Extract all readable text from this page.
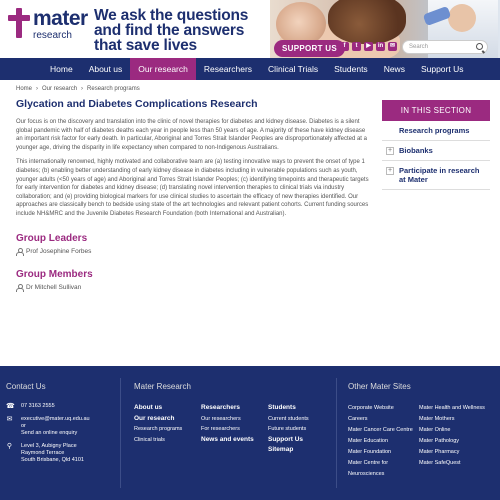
mater
research
We ask the questions
and find the answers
that save lives	SUPPORT US	f	t	▶	in	✉	Search
Home	About us	Our research	Researchers	Clinical Trials	Students	News	Support Us
Home › Our research › Research programs
Glycation and Diabetes Complications Research

Our focus is on the discovery and translation into the clinic of novel therapies for diabetes and kidney disease. Diabetes is a silent global pandemic with half of diabetes deaths each year in people less than 50 years of age. A majority of these have kidney disease an important risk factor for early death. In particular, Aboriginal and Torres Strait Islander Peoples are disproportionately affected at a younger age, driving the disparity in life expectancy when compared to non-Indigenous Australians.

This internationally renowned, highly motivated and collaborative team are (a) testing innovative ways to prevent the onset of type 1 diabetes; (b) enabling better understanding of early kidney disease in diabetes including in vulnerable populations such as youth, younger adults (<50 years of age) and Aboriginal and Torres Strait Islander Peoples; (c) identifying timepoints and therapeutic targets for early intervention for diabetes and kidney disease; (d) translating novel intervention therapies to clinical trials via industry collaboration; and (e) providing biological markers for use clinical studies to ascertain the efficacy of new therapies identified. Our approaches are classically bench to bedside using state of the art technologies and relevant patient cohorts. Current funding sources include NH&MRC and the Juvenile Diabetes Research Foundation (both International and Australian).

Group Leaders
Prof Josephine Forbes
Group Members
Dr Mitchell Sullivan
IN THIS SECTION
Research programs
+ Biobanks
+ Participate in research at Mater
Contact Us
☎ 07 3163 2555
✉ executive@mater.uq.edu.au
or
Send an online enquiry
⚲ Level 3, Aubigny Place
Raymond Terrace
South Brisbane, Qld 4101
Mater Research
About us
Our research
Research programs
Clinical trials
Researchers
Our researchers
For researchers
News and events
Students
Current students
Future students
Support Us
Sitemap
Other Mater Sites
Corporate Website
Careers
Mater Cancer Care Centre
Mater Education
Mater Foundation
Mater Centre for
Neurosciences
Mater Health and Wellness
Mater Mothers
Mater Online
Mater Pathology
Mater Pharmacy
Mater SafeQuest
